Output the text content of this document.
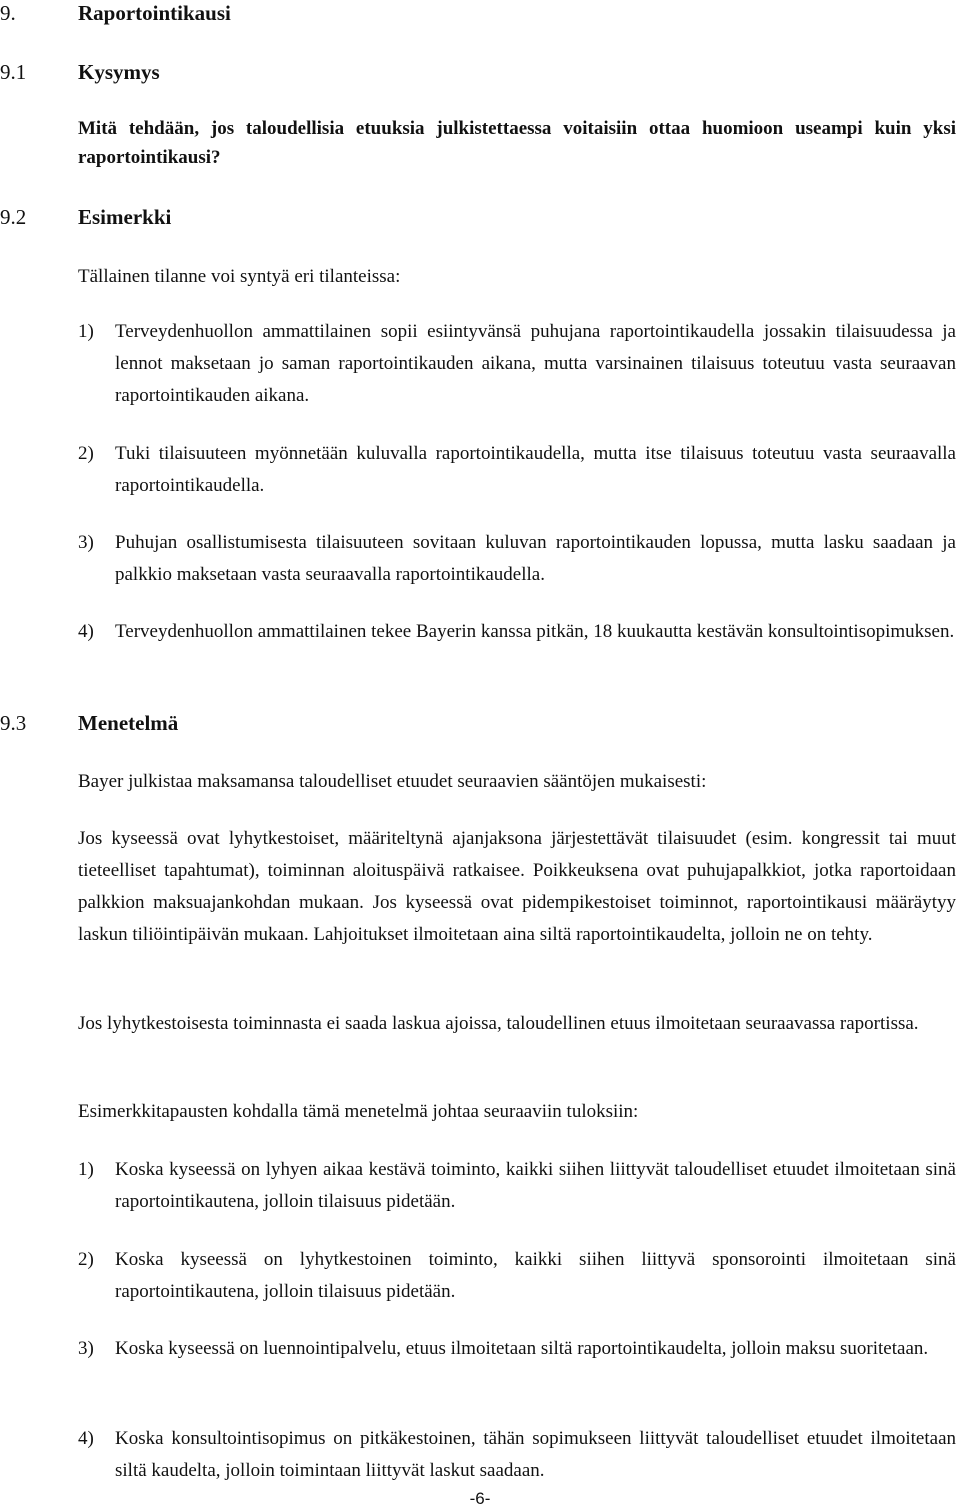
9.	Raportointikausi
9.1 Kysymys
Mitä tehdään, jos taloudellisia etuuksia julkistettaessa voitaisiin ottaa huomioon useampi kuin yksi raportointikausi?
9.2 Esimerkki
Tällainen tilanne voi syntyä eri tilanteissa:
1) Terveydenhuollon ammattilainen sopii esiintyvänsä puhujana raportointikaudella jossakin tilaisuudessa ja lennot maksetaan jo saman raportointikauden aikana, mutta varsinainen tilaisuus toteutuu vasta seuraavan raportointikauden aikana.
2) Tuki tilaisuuteen myönnetään kuluvalla raportointikaudella, mutta itse tilaisuus toteutuu vasta seuraavalla raportointikaudella.
3) Puhujan osallistumisesta tilaisuuteen sovitaan kuluvan raportointikauden lopussa, mutta lasku saadaan ja palkkio maksetaan vasta seuraavalla raportointikaudella.
4) Terveydenhuollon ammattilainen tekee Bayerin kanssa pitkän, 18 kuukautta kestävän konsultointisopimuksen.
9.3 Menetelmä
Bayer julkistaa maksamansa taloudelliset etuudet seuraavien sääntöjen mukaisesti:
Jos kyseessä ovat lyhytkestoiset, määriteltynä ajanjaksona järjestettävät tilaisuudet (esim. kongressit tai muut tieteelliset tapahtumat), toiminnan aloituspäivä ratkaisee. Poikkeuksena ovat puhujapalkkiot, jotka raportoidaan palkkion maksuajankohdan mukaan. Jos kyseessä ovat pidempikestoiset toiminnot, raportointikausi määräytyy laskun tiliöintipäivän mukaan. Lahjoitukset ilmoitetaan aina siltä raportointikaudelta, jolloin ne on tehty.
Jos lyhytkestoisesta toiminnasta ei saada laskua ajoissa, taloudellinen etuus ilmoitetaan seuraavassa raportissa.
Esimerkkitapausten kohdalla tämä menetelmä johtaa seuraaviin tuloksiin:
1) Koska kyseessä on lyhyen aikaa kestävä toiminto, kaikki siihen liittyvät taloudelliset etuudet ilmoitetaan sinä raportointikautena, jolloin tilaisuus pidetään.
2) Koska kyseessä on lyhytkestoinen toiminto, kaikki siihen liittyvä sponsorointi ilmoitetaan sinä raportointikautena, jolloin tilaisuus pidetään.
3) Koska kyseessä on luennointipalvelu, etuus ilmoitetaan siltä raportointikaudelta, jolloin maksu suoritetaan.
4) Koska konsultointisopimus on pitkäkestoinen, tähän sopimukseen liittyvät taloudelliset etuudet ilmoitetaan siltä kaudelta, jolloin toimintaan liittyvät laskut saadaan.
-6-
